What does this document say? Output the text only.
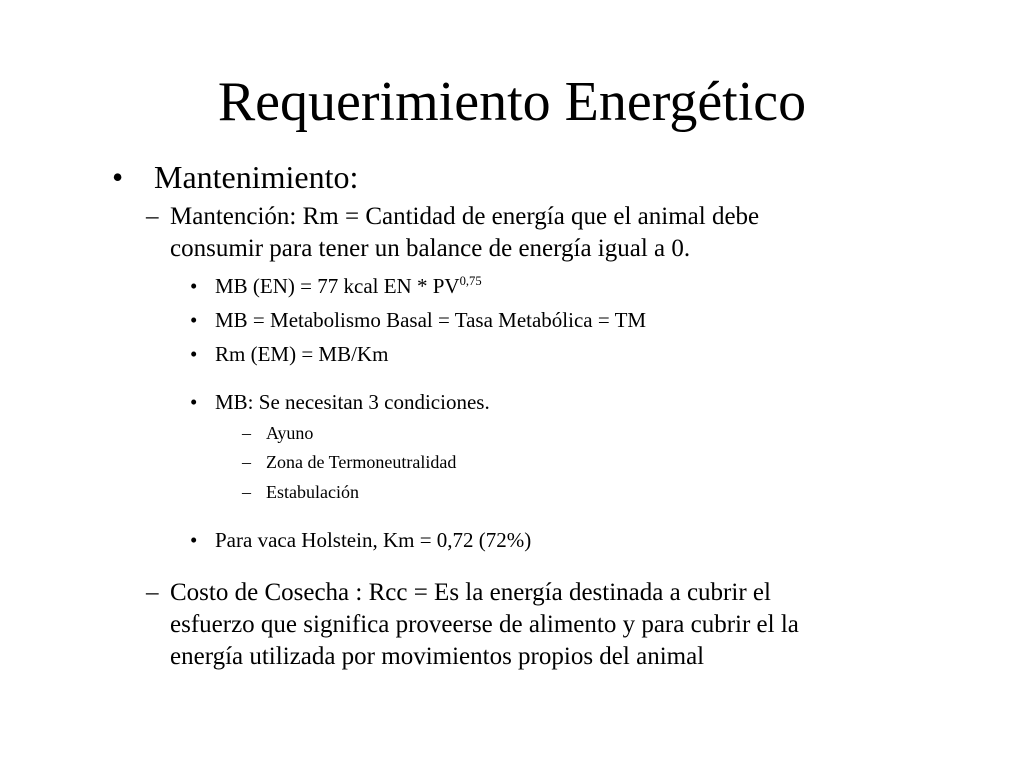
Requerimiento Energético
• Mantenimiento:
– Mantención: Rm = Cantidad de energía que el animal debe
consumir para tener un balance de energía igual a 0.
• MB (EN) = 77 kcal EN * PV$^{0,75}$
• MB = Metabolismo Basal = Tasa Metabólica = TM
• Rm (EM) = MB/Km
• MB: Se necesitan 3 condiciones.
– Ayuno
– Zona de Termoneutralidad
– Estabulación
• Para vaca Holstein, Km = 0,72 (72%)
– Costo de Cosecha : Rcc = Es la energía destinada a cubrir el
esfuerzo que significa proveerse de alimento y para cubrir el la
energía utilizada por movimientos propios del animal
